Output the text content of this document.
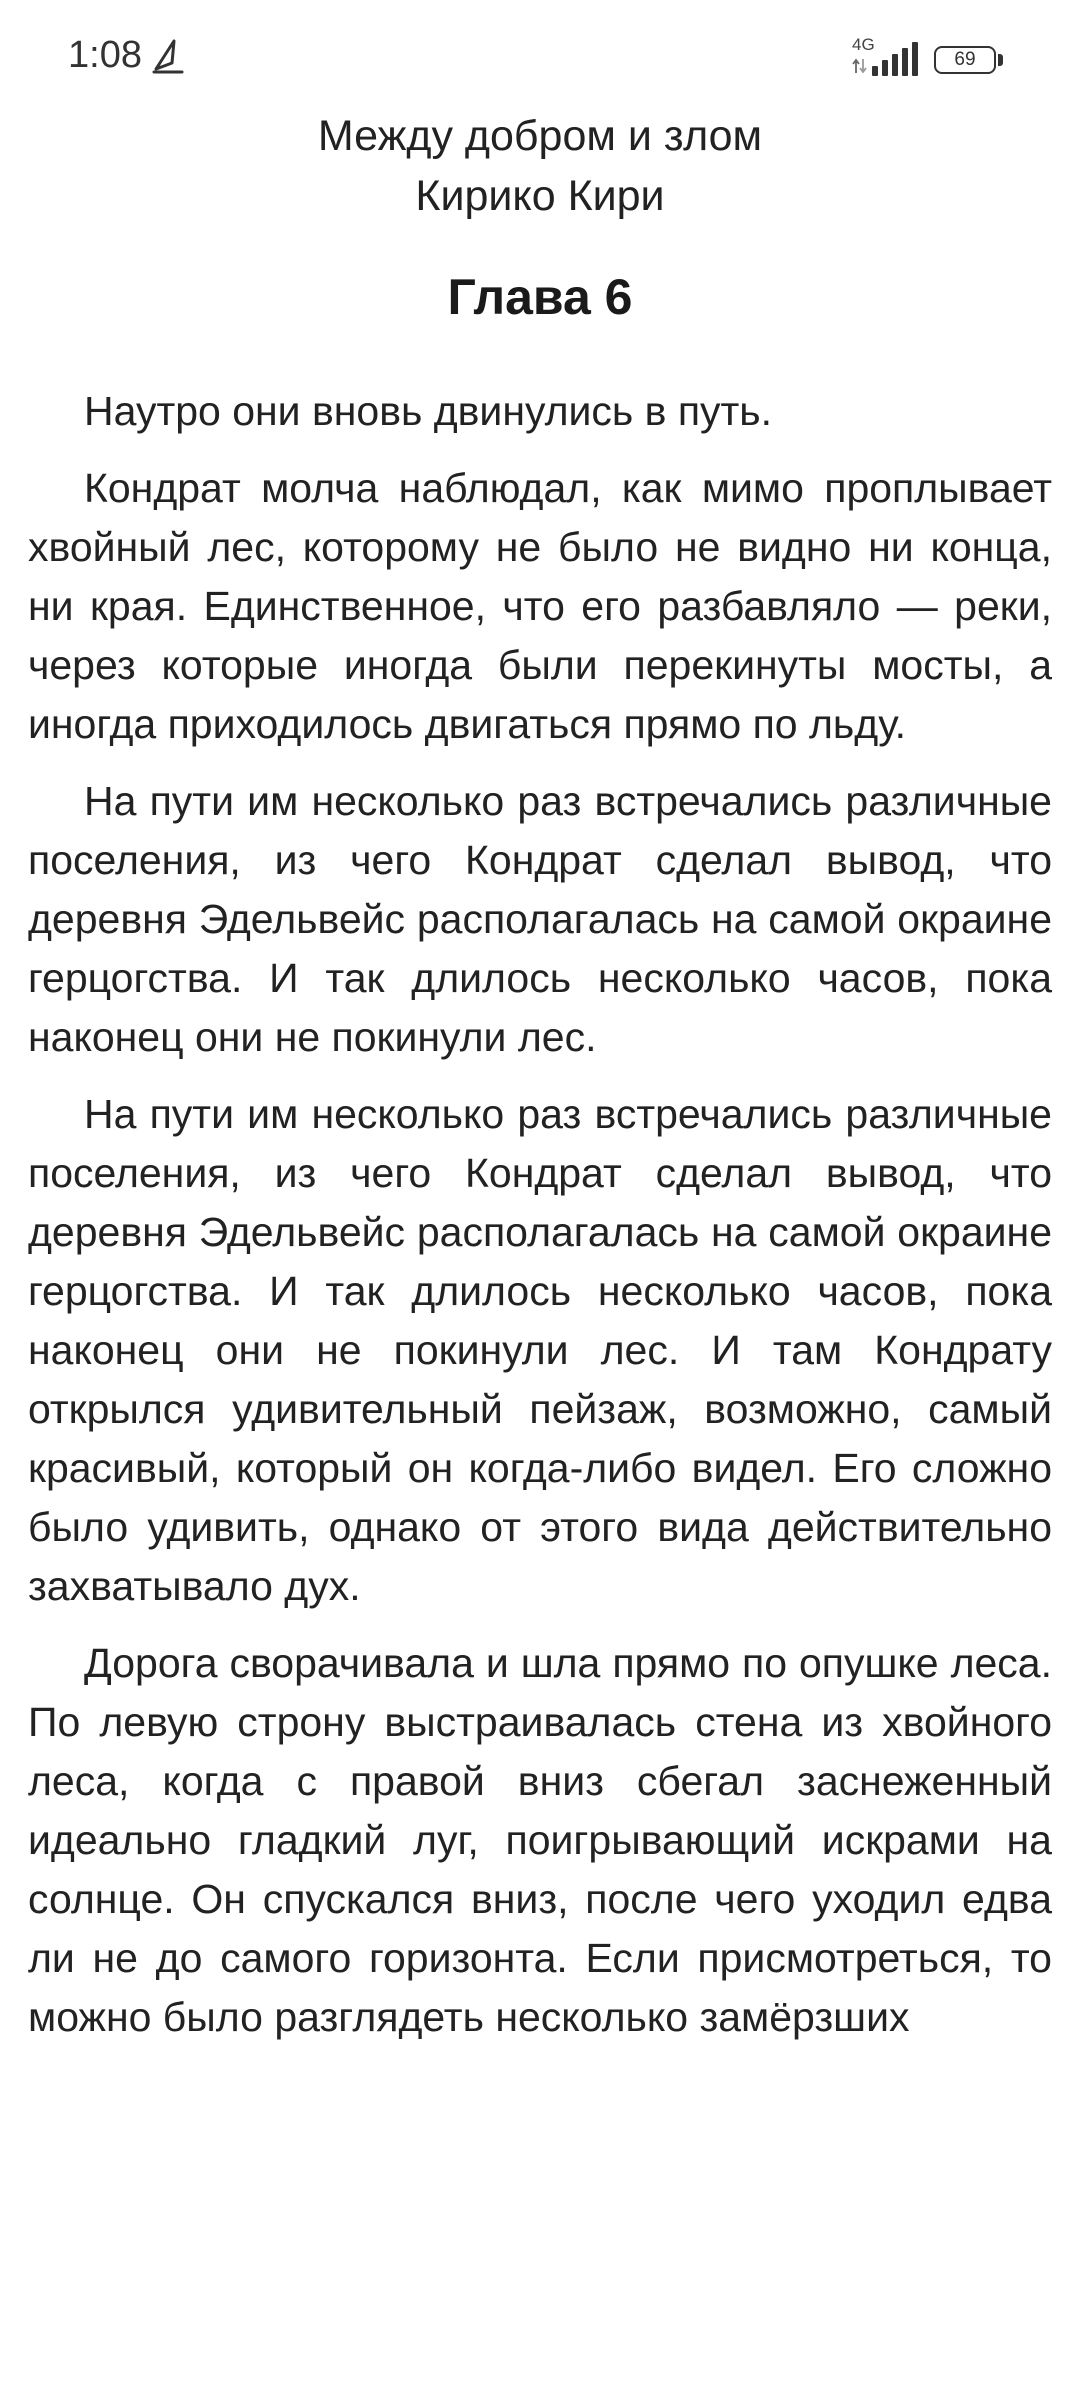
1:08	4G
69
Между добром и злом
Кирико Кири
Глава 6

Наутро они вновь двинулись в путь.

Кондрат молча наблюдал, как мимо проплывает хвойный лес, которому не было не видно ни конца, ни края. Единственное, что его разбавляло — реки, через которые иногда были перекинуты мосты, а иногда приходилось двигаться прямо по льду.

На пути им несколько раз встречались различные поселения, из чего Кондрат сделал вывод, что деревня Эдельвейс располагалась на самой окраине герцогства. И так длилось несколько часов, пока наконец они не покинули лес.

На пути им несколько раз встречались различные поселения, из чего Кондрат сделал вывод, что деревня Эдельвейс располагалась на самой окраине герцогства. И так длилось несколько часов, пока наконец они не покинули лес. И там Кондрату открылся удивительный пейзаж, возможно, самый красивый, который он когда-либо видел. Его сложно было удивить, однако от этого вида действительно захватывало дух.

Дорога сворачивала и шла прямо по опушке леса. По левую строну выстраивалась стена из хвойного леса, когда с правой вниз сбегал заснеженный идеально гладкий луг, поигрывающий искрами на солнце. Он спускался вниз, после чего уходил едва ли не до самого горизонта. Если присмотреться, то можно было разглядеть несколько замёрзших
